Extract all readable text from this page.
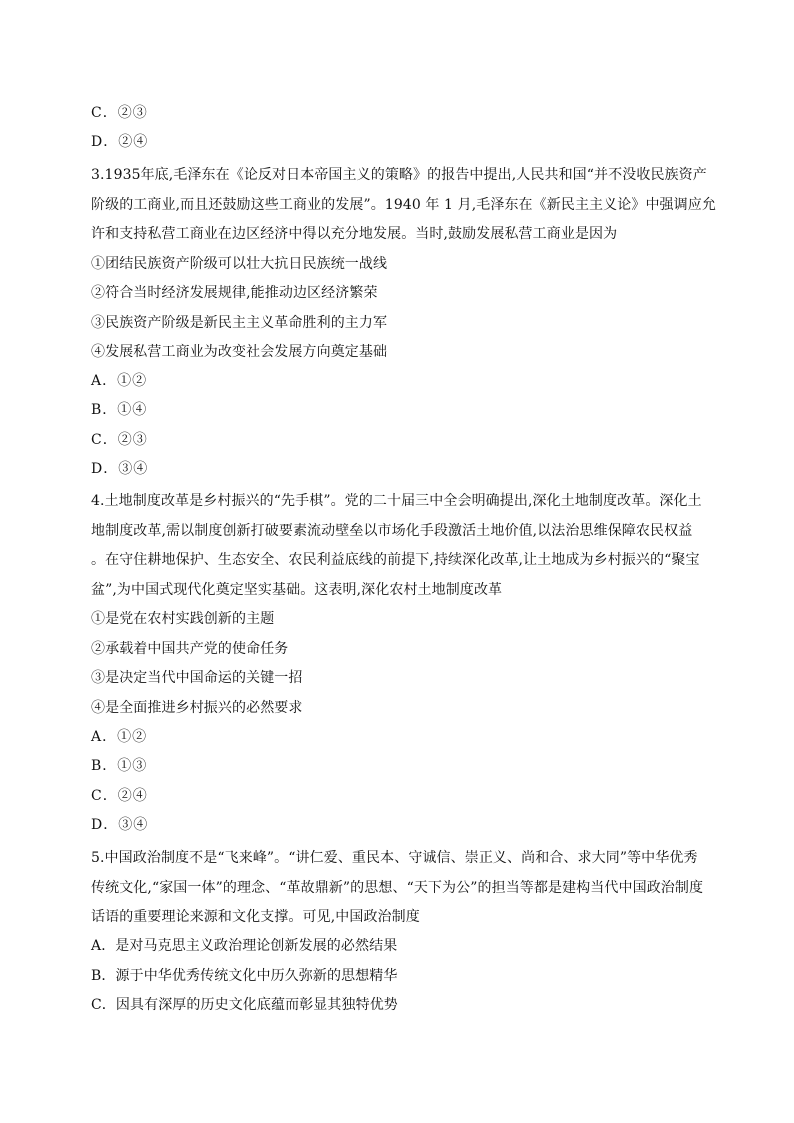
C．②③
D．②④
3.1935年底,毛泽东在《论反对日本帝国主义的策略》的报告中提出,人民共和国“并不没收民族资产
阶级的工商业,而且还鼓励这些工商业的发展”。1940 年 1 月,毛泽东在《新民主主义论》中强调应允
许和支持私营工商业在边区经济中得以充分地发展。当时,鼓励发展私营工商业是因为
①团结民族资产阶级可以壮大抗日民族统一战线
②符合当时经济发展规律,能推动边区经济繁荣
③民族资产阶级是新民主主义革命胜利的主力军
④发展私营工商业为改变社会发展方向奠定基础
A．①②
B．①④
C．②③
D．③④
4.土地制度改革是乡村振兴的“先手棋”。党的二十届三中全会明确提出,深化土地制度改革。深化土
地制度改革,需以制度创新打破要素流动壁垒以市场化手段激活土地价值,以法治思维保障农民权益
。在守住耕地保护、生态安全、农民利益底线的前提下,持续深化改革,让土地成为乡村振兴的“聚宝
盆”,为中国式现代化奠定坚实基础。这表明,深化农村土地制度改革
①是党在农村实践创新的主题
②承载着中国共产党的使命任务
③是决定当代中国命运的关键一招
④是全面推进乡村振兴的必然要求
A．①②
B．①③
C．②④
D．③④
5.中国政治制度不是“飞来峰”。“讲仁爱、重民本、守诚信、崇正义、尚和合、求大同”等中华优秀
传统文化,“家国一体”的理念、“革故鼎新”的思想、“天下为公”的担当等都是建构当代中国政治制度
话语的重要理论来源和文化支撑。可见,中国政治制度
A．是对马克思主义政治理论创新发展的必然结果
B．源于中华优秀传统文化中历久弥新的思想精华
C．因具有深厚的历史文化底蕴而彰显其独特优势
